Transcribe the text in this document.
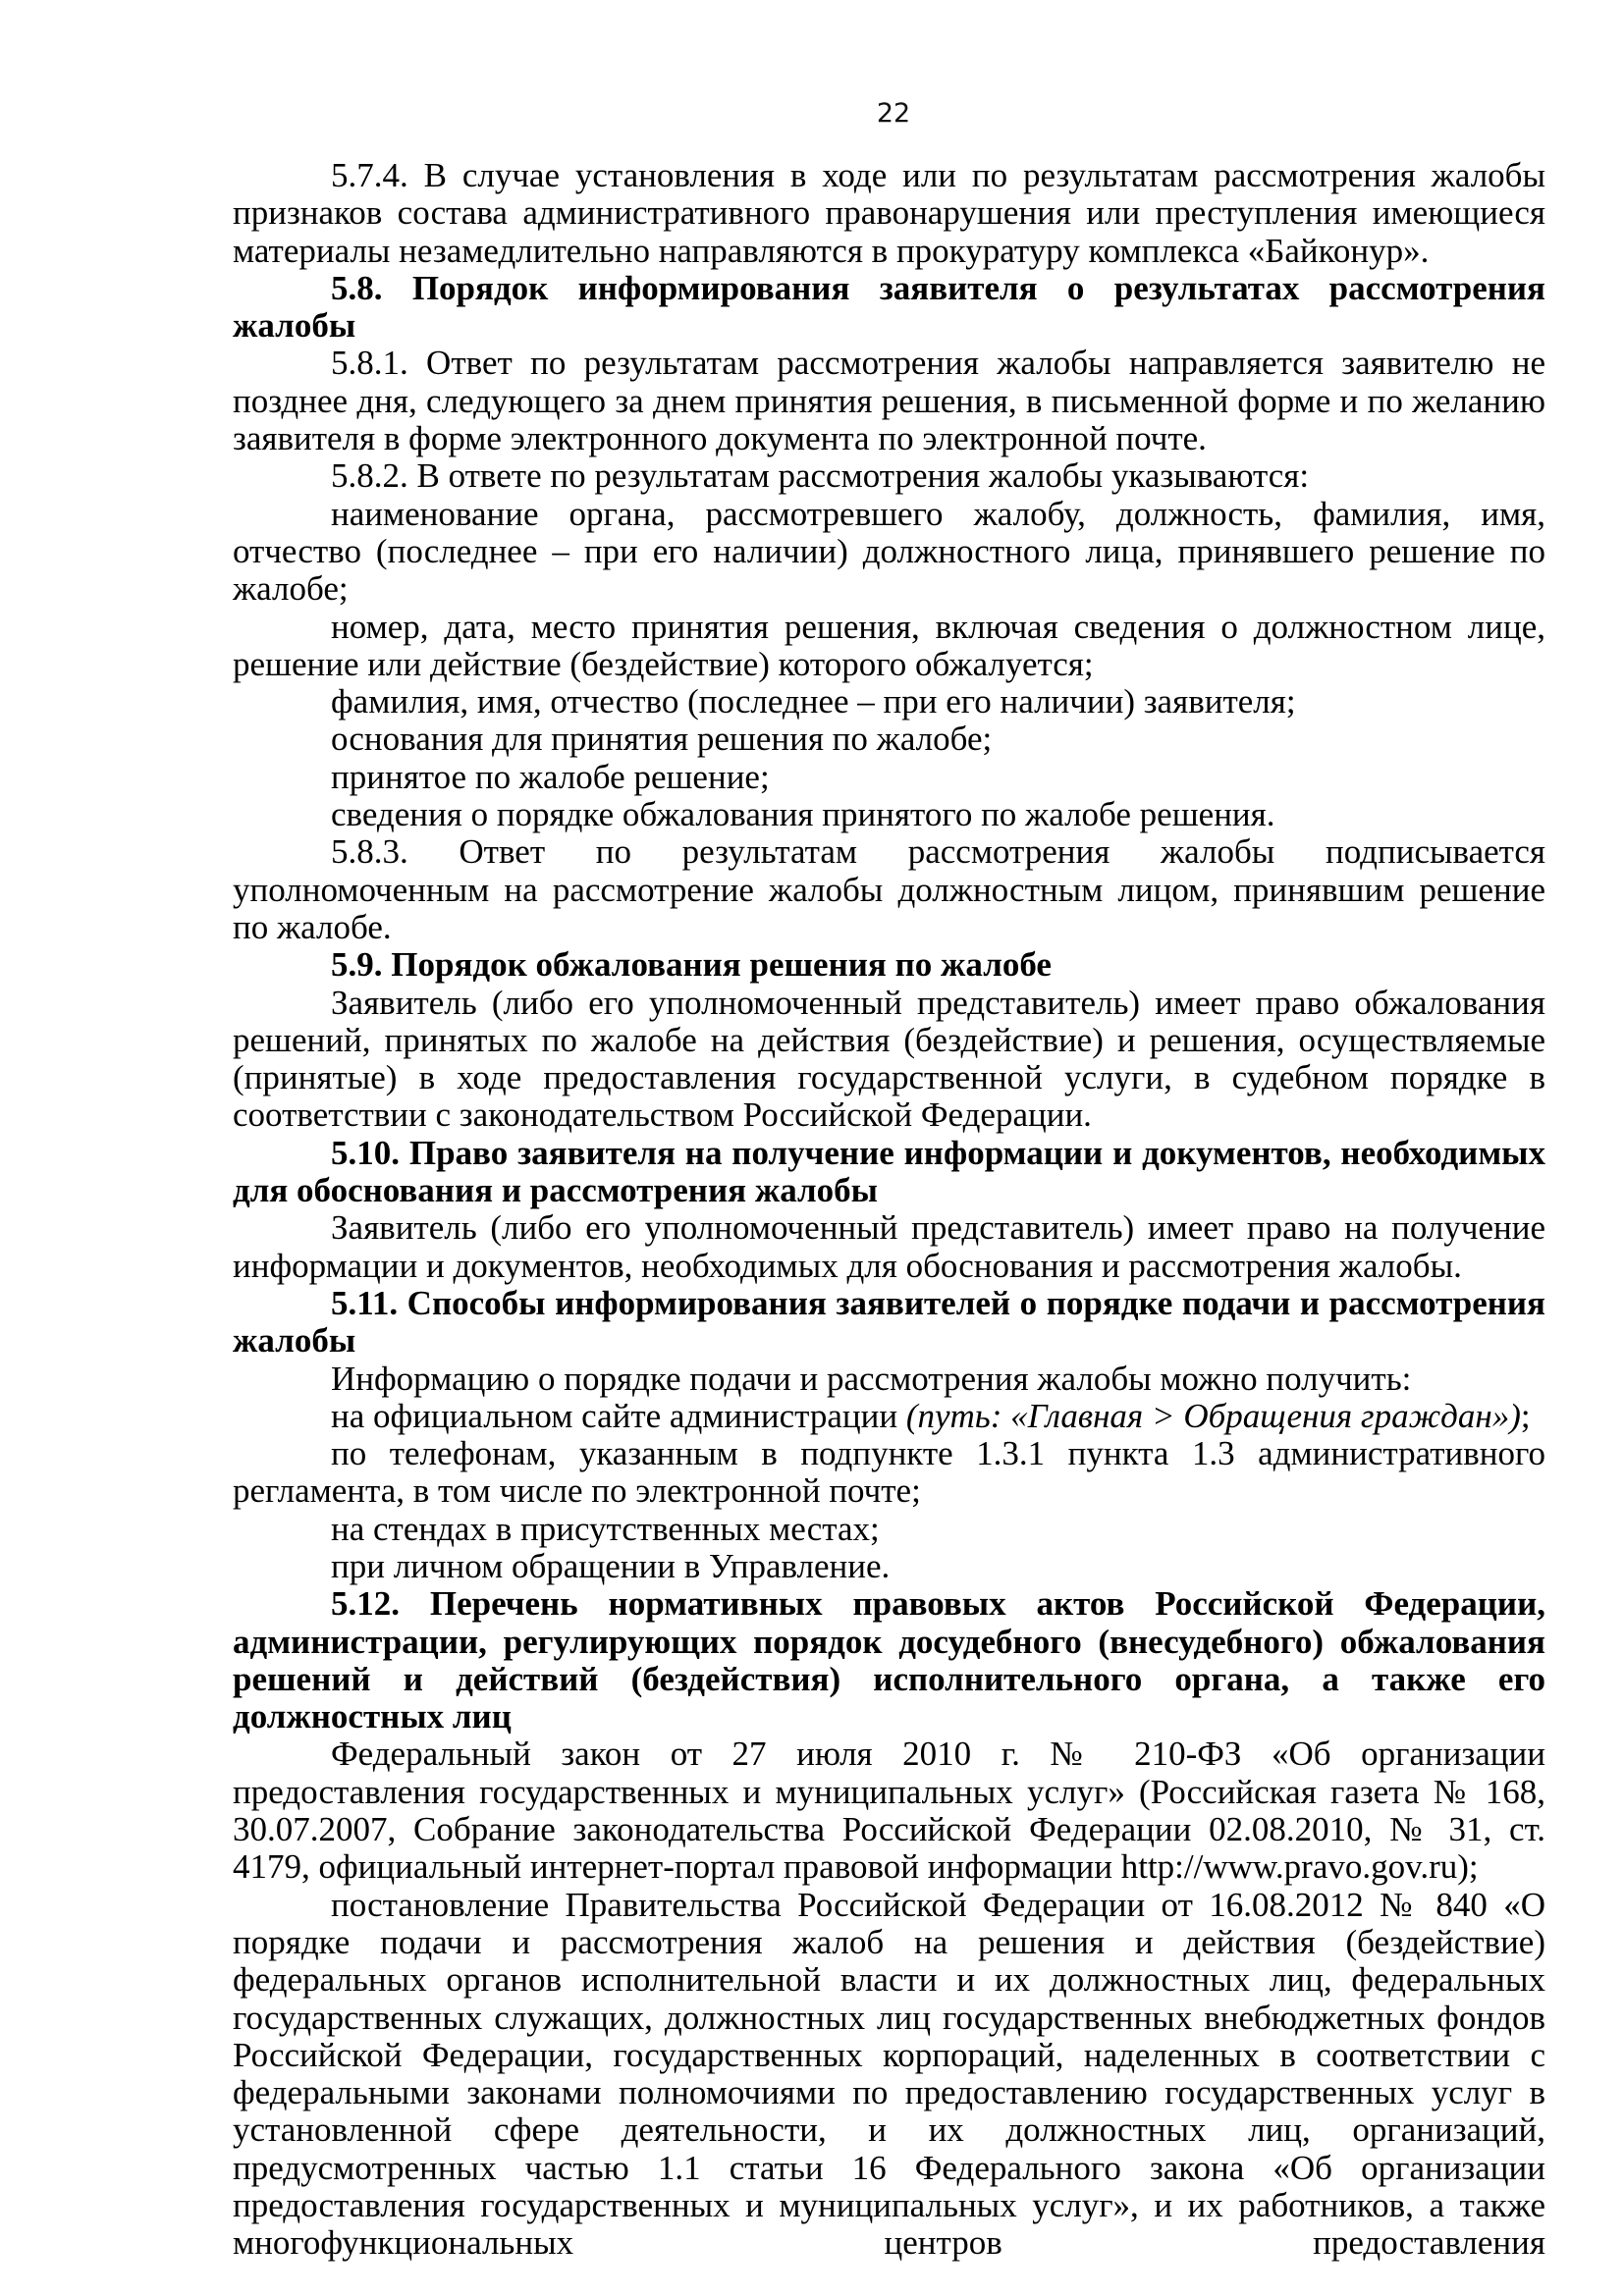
22

5.7.4. В случае установления в ходе или по результатам рассмотрения жалобы признаков состава административного правонарушения или преступления имеющиеся материалы незамедлительно направляются в прокуратуру комплекса «Байконур».

5.8. Порядок информирования заявителя о результатах рассмотрения жалобы

5.8.1. Ответ по результатам рассмотрения жалобы направляется заявителю не позднее дня, следующего за днем принятия решения, в письменной форме и по желанию заявителя в форме электронного документа по электронной почте.

5.8.2. В ответе по результатам рассмотрения жалобы указываются:

наименование органа, рассмотревшего жалобу, должность, фамилия, имя, отчество (последнее – при его наличии) должностного лица, принявшего решение по жалобе;

номер, дата, место принятия решения, включая сведения о должностном лице, решение или действие (бездействие) которого обжалуется;

фамилия, имя, отчество (последнее – при его наличии) заявителя;

основания для принятия решения по жалобе;

принятое по жалобе решение;

сведения о порядке обжалования принятого по жалобе решения.

5.8.3. Ответ по результатам рассмотрения жалобы подписывается уполномоченным на рассмотрение жалобы должностным лицом, принявшим решение по жалобе.

5.9. Порядок обжалования решения по жалобе

Заявитель (либо его уполномоченный представитель) имеет право обжалования решений, принятых по жалобе на действия (бездействие) и решения, осуществляемые (принятые) в ходе предоставления государственной услуги, в судебном порядке в соответствии с законодательством Российской Федерации.

5.10. Право заявителя на получение информации и документов, необходимых для обоснования и рассмотрения жалобы

Заявитель (либо его уполномоченный представитель) имеет право на получение информации и документов, необходимых для обоснования и рассмотрения жалобы.

5.11. Способы информирования заявителей о порядке подачи и рассмотрения жалобы

Информацию о порядке подачи и рассмотрения жалобы можно получить:

на официальном сайте администрации (путь: «Главная > Обращения граждан»);

по телефонам, указанным в подпункте 1.3.1 пункта 1.3 административного регламента, в том числе по электронной почте;

на стендах в присутственных местах;

при личном обращении в Управление.

5.12. Перечень нормативных правовых актов Российской Федерации, администрации, регулирующих порядок досудебного (внесудебного) обжалования решений и действий (бездействия) исполнительного органа, а также его должностных лиц

Федеральный закон от 27 июля 2010 г. № 210-ФЗ «Об организации предоставления государственных и муниципальных услуг» (Российская газета № 168, 30.07.2007, Собрание законодательства Российской Федерации 02.08.2010, № 31, ст. 4179, официальный интернет-портал правовой информации http://www.pravo.gov.ru);

постановление Правительства Российской Федерации от 16.08.2012 № 840 «О порядке подачи и рассмотрения жалоб на решения и действия (бездействие) федеральных органов исполнительной власти и их должностных лиц, федеральных государственных служащих, должностных лиц государственных внебюджетных фондов Российской Федерации, государственных корпораций, наделенных в соответствии с федеральными законами полномочиями по предоставлению государственных услуг в установленной сфере деятельности, и их должностных лиц, организаций, предусмотренных частью 1.1 статьи 16 Федерального закона «Об организации предоставления государственных и муниципальных услуг», и их работников, а также многофункциональных центров предоставления
